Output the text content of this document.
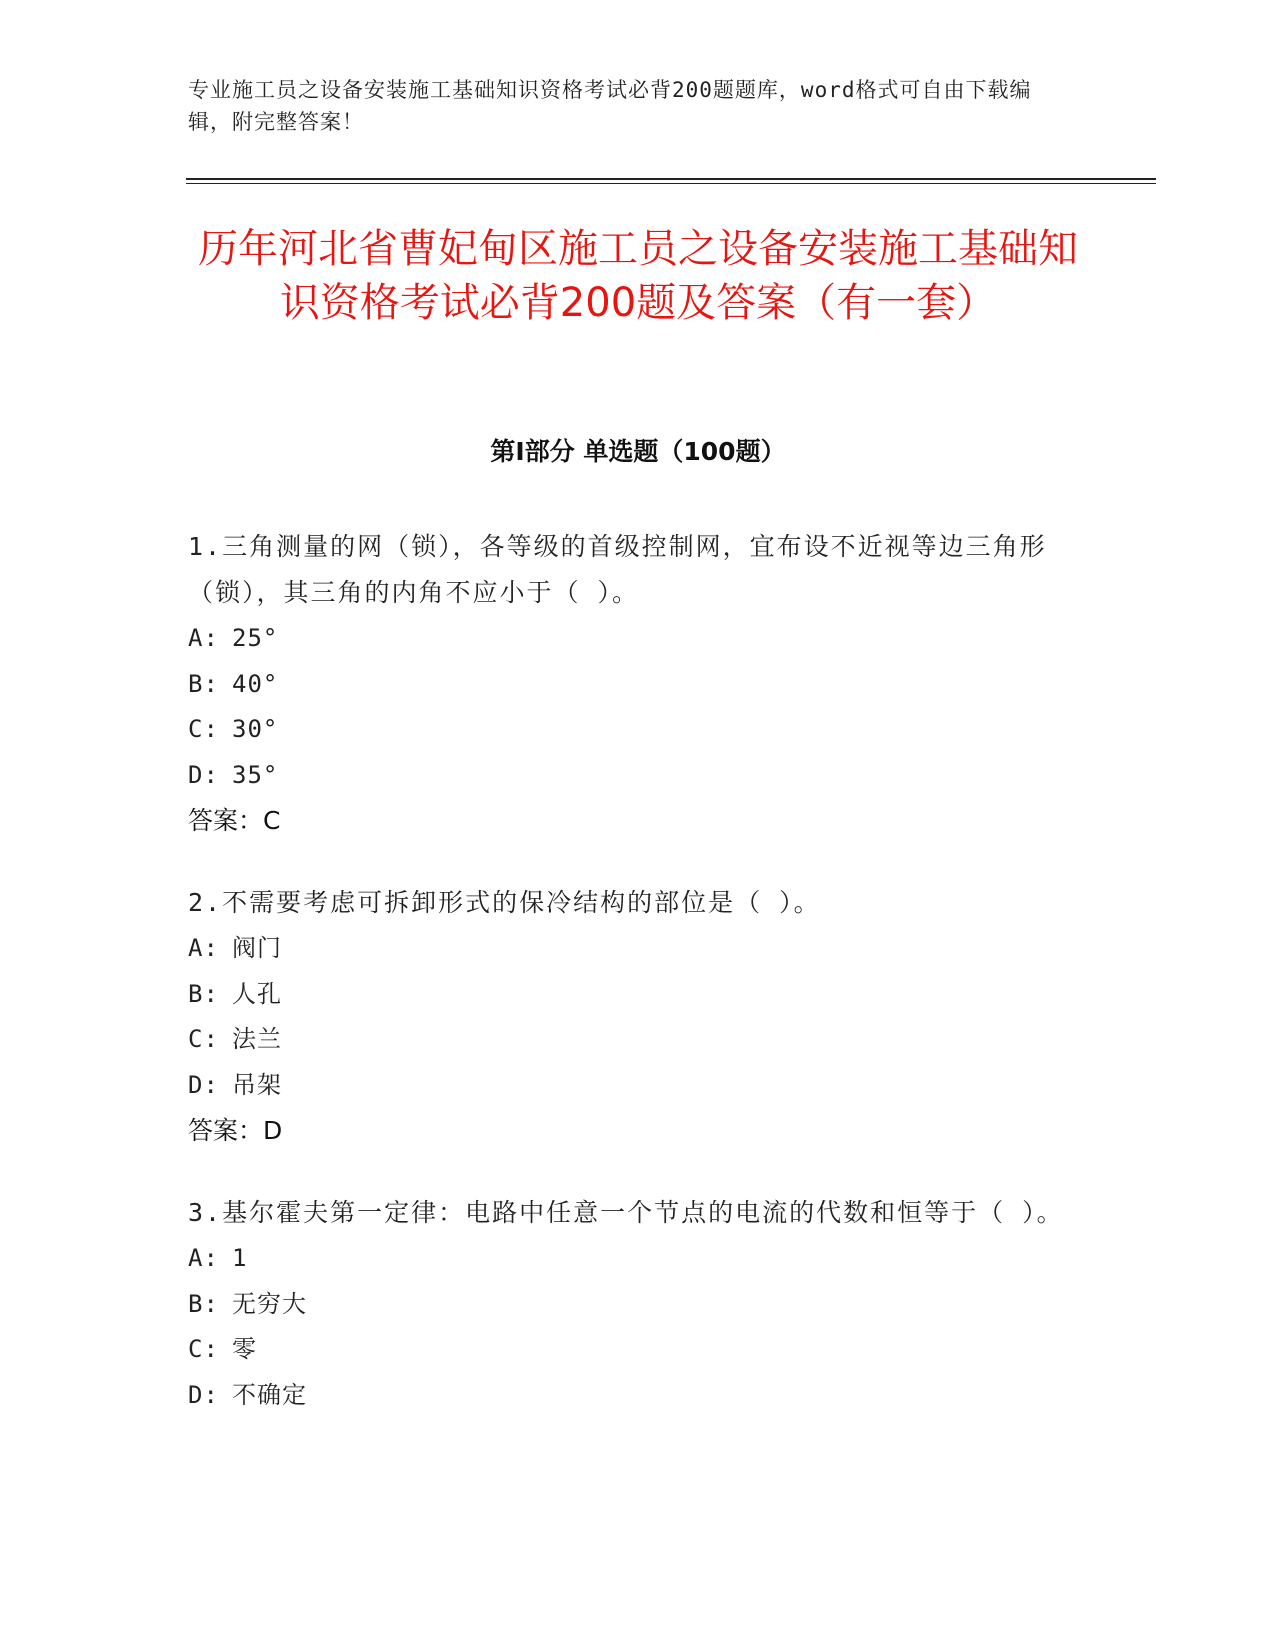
专业施工员之设备安装施工基础知识资格考试必背200题题库，word格式可自由下载编辑，附完整答案！
历年河北省曹妃甸区施工员之设备安装施工基础知识资格考试必背200题及答案（有一套）
第Ⅰ部分 单选题（100题）

1.三角测量的网（锁），各等级的首级控制网，宜布设不近视等边三角形（锁），其三角的内角不应小于（ ）。

A: 25°

B: 40°

C: 30°

D: 35°

答案：C

2.不需要考虑可拆卸形式的保冷结构的部位是（ ）。

A: 阀门

B: 人孔

C: 法兰

D: 吊架

答案：D

3.基尔霍夫第一定律：电路中任意一个节点的电流的代数和恒等于（ ）。

A: 1

B: 无穷大

C: 零

D: 不确定
